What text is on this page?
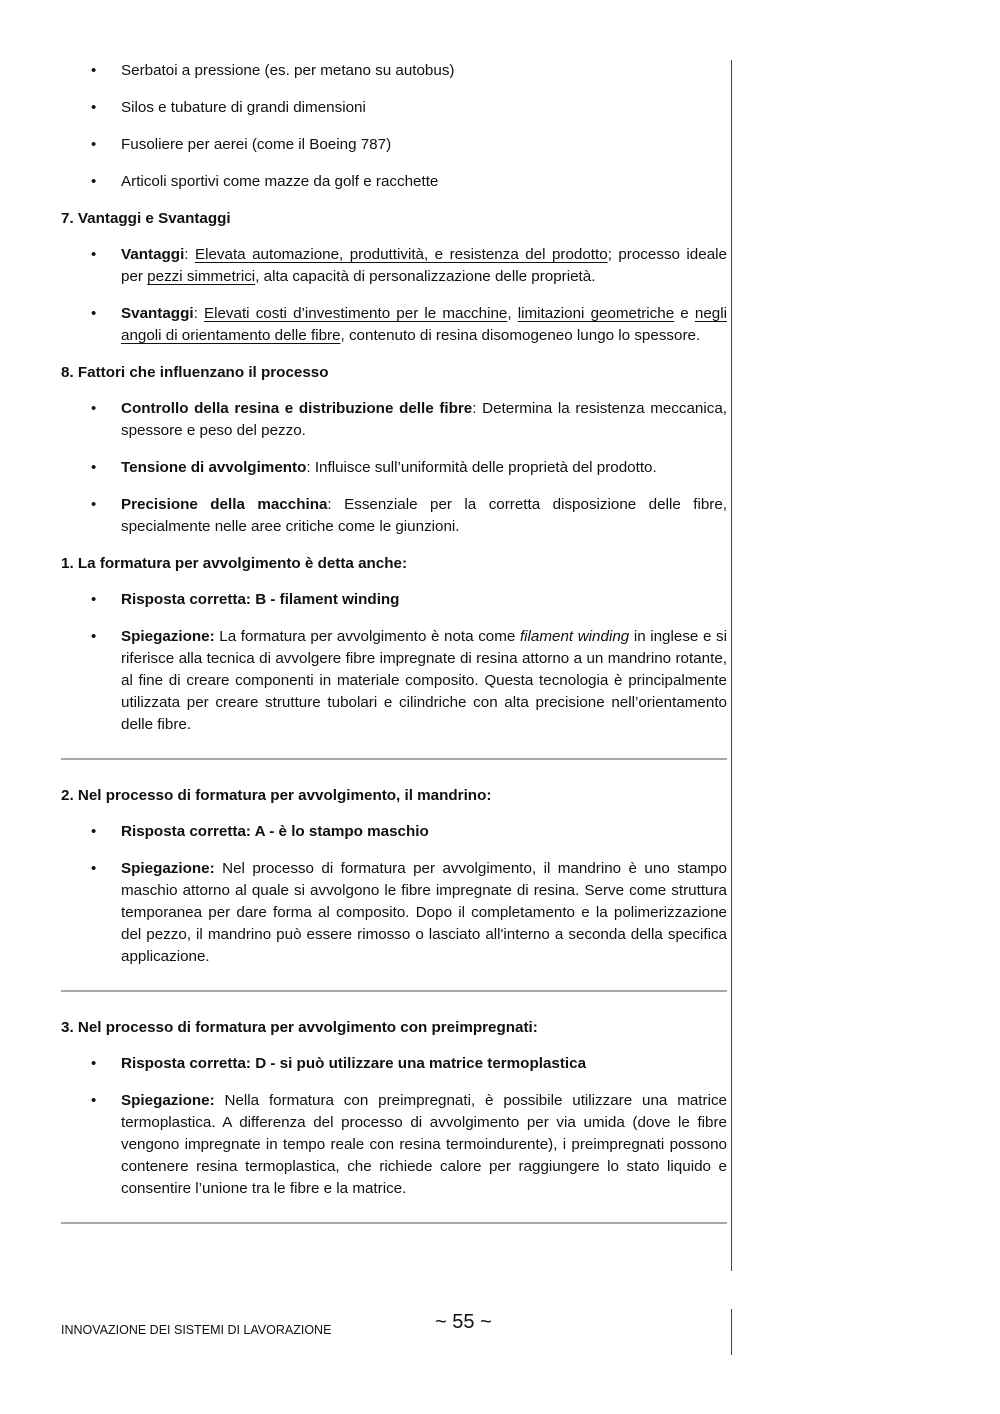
• Serbatoi a pressione (es. per metano su autobus)
• Silos e tubature di grandi dimensioni
• Fusoliere per aerei (come il Boeing 787)
• Articoli sportivi come mazze da golf e racchette
7. Vantaggi e Svantaggi
• Vantaggi: Elevata automazione, produttività, e resistenza del prodotto; processo ideale per pezzi simmetrici, alta capacità di personalizzazione delle proprietà.
• Svantaggi: Elevati costi d’investimento per le macchine, limitazioni geometriche e negli angoli di orientamento delle fibre, contenuto di resina disomogeneo lungo lo spessore.
8. Fattori che influenzano il processo
• Controllo della resina e distribuzione delle fibre: Determina la resistenza meccanica, spessore e peso del pezzo.
• Tensione di avvolgimento: Influisce sull’uniformità delle proprietà del prodotto.
• Precisione della macchina: Essenziale per la corretta disposizione delle fibre, specialmente nelle aree critiche come le giunzioni.
1. La formatura per avvolgimento è detta anche:
• Risposta corretta: B - filament winding
• Spiegazione: La formatura per avvolgimento è nota come filament winding in inglese e si riferisce alla tecnica di avvolgere fibre impregnate di resina attorno a un mandrino rotante, al fine di creare componenti in materiale composito. Questa tecnologia è principalmente utilizzata per creare strutture tubolari e cilindriche con alta precisione nell’orientamento delle fibre.
2. Nel processo di formatura per avvolgimento, il mandrino:
• Risposta corretta: A - è lo stampo maschio
• Spiegazione: Nel processo di formatura per avvolgimento, il mandrino è uno stampo maschio attorno al quale si avvolgono le fibre impregnate di resina. Serve come struttura temporanea per dare forma al composito. Dopo il completamento e la polimerizzazione del pezzo, il mandrino può essere rimosso o lasciato all'interno a seconda della specifica applicazione.
3. Nel processo di formatura per avvolgimento con preimpregnati:
• Risposta corretta: D - si può utilizzare una matrice termoplastica
• Spiegazione: Nella formatura con preimpregnati, è possibile utilizzare una matrice termoplastica. A differenza del processo di avvolgimento per via umida (dove le fibre vengono impregnate in tempo reale con resina termoindurente), i preimpregnati possono contenere resina termoplastica, che richiede calore per raggiungere lo stato liquido e consentire l’unione tra le fibre e la matrice.
INNOVAZIONE DEI SISTEMI DI LAVORAZIONE	~ 55 ~
